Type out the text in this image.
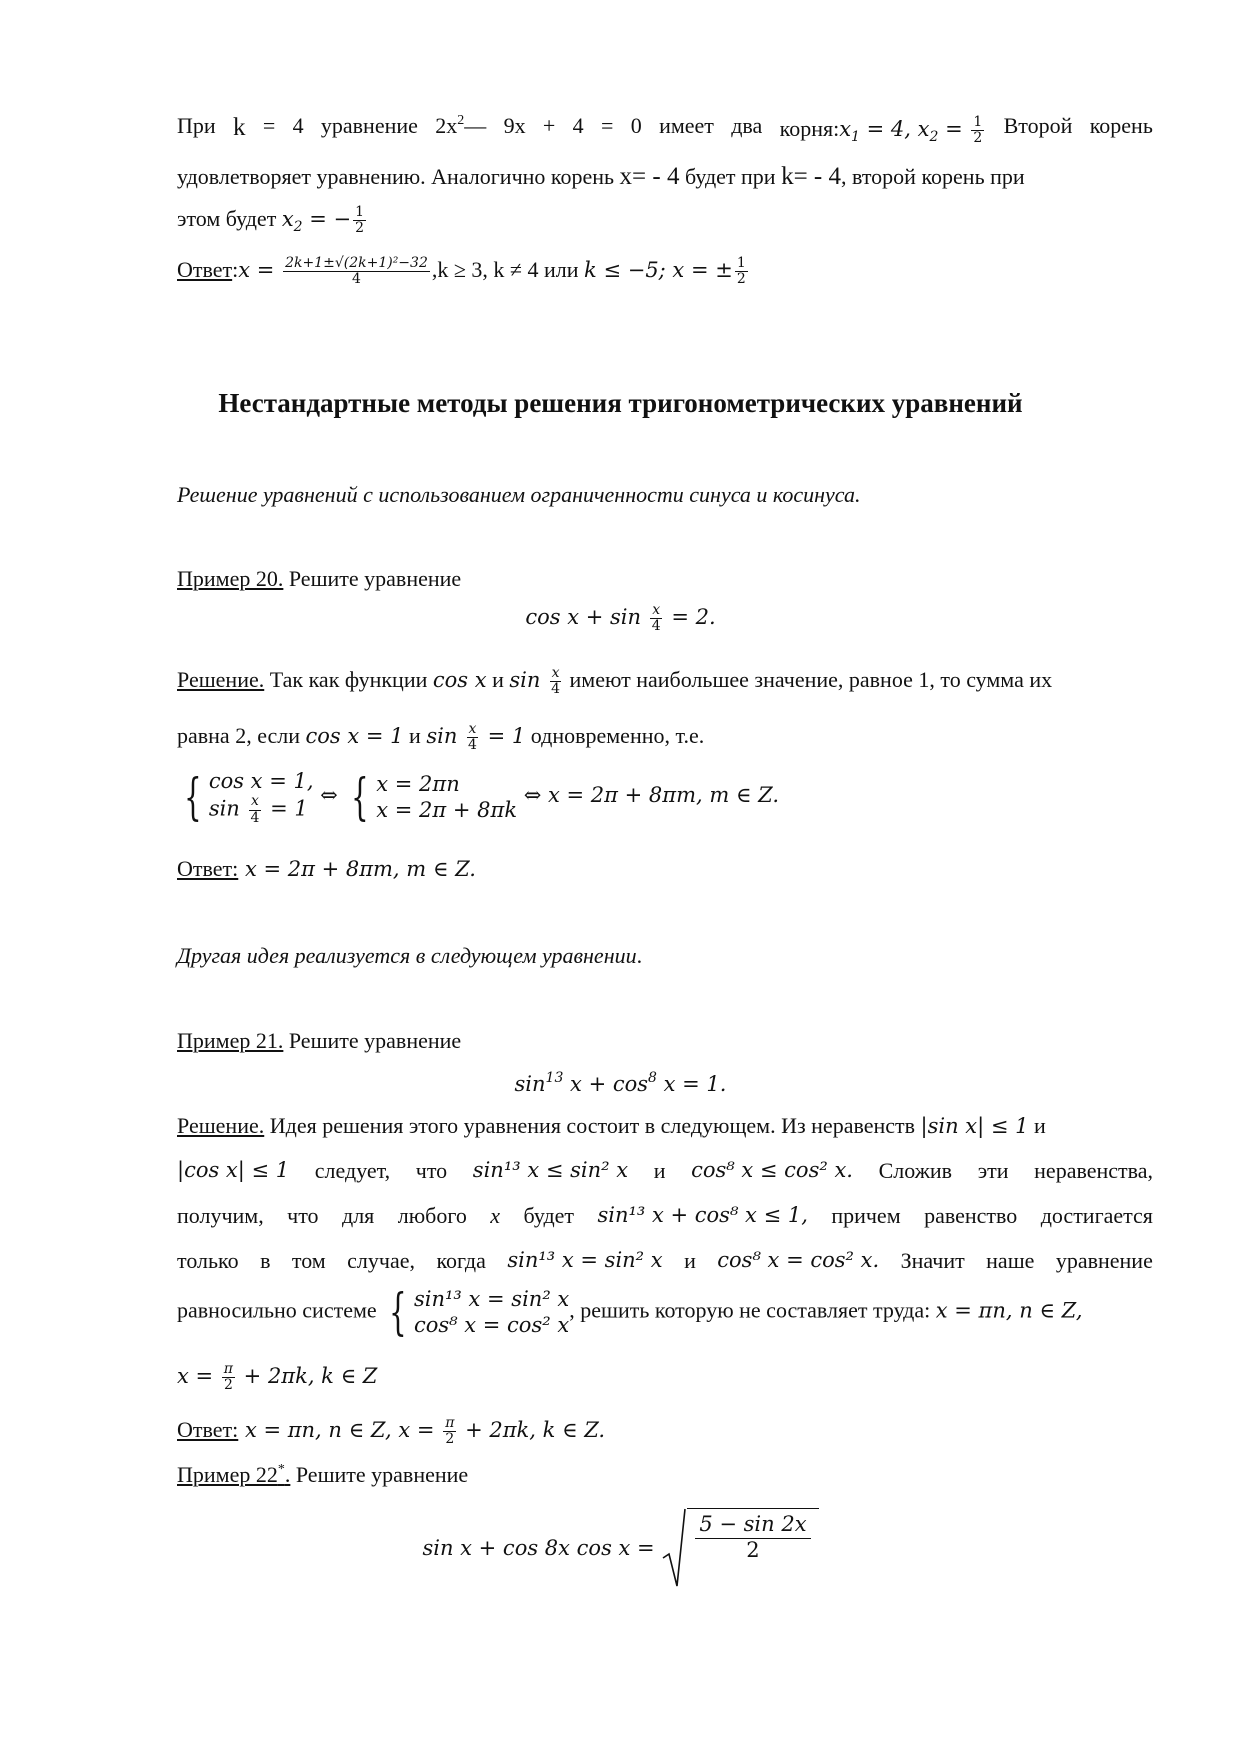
При k = 4 уравнение $2x^2—$ 9x + 4 = 0 имеет два $корня:x_1 = 4$, $x_2 = \frac{1}{2}$ Второй корень
удовлетворяет уравнению. Аналогично корень x= - 4 будет при k= - 4, второй корень при
этом будет $x_2$ = − $\frac{1}{2}$
Ответ:x = $\frac{\text{2k+1±√(2k+1)²−32}}{4} ,k \ge 3$, k ≠ 4 или k ≤ −5; x = ± $\frac{1}{2}$
Нестандартные методы решения тригонометрических уравнений
Решение уравнений с использованием ограниченности синуса и косинуса.
Пример 20. Решите уравнение
$\cos x + \sin \frac{x}{4} = 2$.
Решение. Так как функции cos x и $\sin \frac{x}{4}$ имеют наибольшее значение, равное 1, то сумма их
равна 2, если cos x = 1 и $\sin \frac{x}{4} = 1$ одновременно, т.е.
{ cos x = 1,
$\sin \frac{x}{4} = 1$
⇔ { x = 2πn
x = 2π + 8πk
⇔ x = 2π + 8πm, m ∈ Z.
Ответ: x = 2π + 8πm, m ∈ Z.
Другая идея реализуется в следующем уравнении.
Пример 21. Решите уравнение
$\sin^{13} x + \cos^8 x = 1$.
Решение. Идея решения этого уравнения состоит в следующем. Из неравенств |sin x| ≤ 1 и
|cos x| ≤ 1 следует, что sin¹³ x ≤ sin² x и cos⁸ x ≤ cos² x. Сложив эти неравенства,
получим, что для любого x будет sin¹³ x + cos⁸ x ≤ 1, причем равенство достигается
только в том случае, когда sin¹³ x = sin² x и cos⁸ x = cos² x. Значит наше уравнение
равносильно системе { sin¹³ x = sin² x
cos⁸ x = cos² x
, решить которую не составляет труда: x = πn, n ∈ Z,
$x = \frac{\pi}{2} + 2\pi k$, k ∈ Z
Ответ: x = πn, n ∈ Z, $x = \frac{\pi}{2} + 2\pi k$, k ∈ Z.
Пример 22*. Решите уравнение
sin x + cos 8x $\cos x = \frac{5 - \sin 2x}{2}$
